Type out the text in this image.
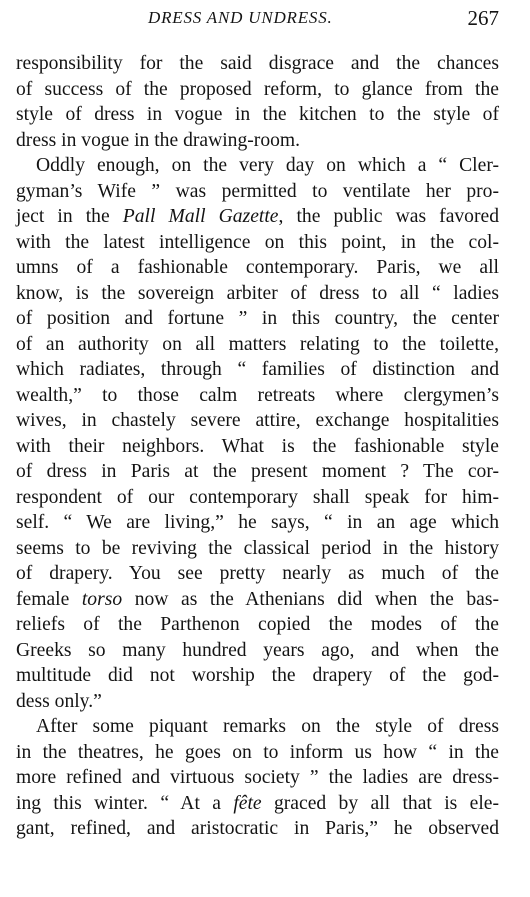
DRESS AND UNDRESS.	267
responsibility for the said disgrace and the chances
of success of the proposed reform, to glance from the
style of dress in vogue in the kitchen to the style of
dress in vogue in the drawing-room.
Oddly enough, on the very day on which a “ Cler-
gyman’s Wife ” was permitted to ventilate her pro-
ject in the Pall Mall Gazette, the public was favored
with the latest intelligence on this point, in the col-
umns of a fashionable contemporary. Paris, we all
know, is the sovereign arbiter of dress to all “ ladies
of position and fortune ” in this country, the center
of an authority on all matters relating to the toilette,
which radiates, through “ families of distinction and
wealth,” to those calm retreats where clergymen’s
wives, in chastely severe attire, exchange hospitalities
with their neighbors. What is the fashionable style
of dress in Paris at the present moment ? The cor-
respondent of our contemporary shall speak for him-
self. “ We are living,” he says, “ in an age which
seems to be reviving the classical period in the history
of drapery. You see pretty nearly as much of the
female torso now as the Athenians did when the bas-
reliefs of the Parthenon copied the modes of the
Greeks so many hundred years ago, and when the
multitude did not worship the drapery of the god-
dess only.”
After some piquant remarks on the style of dress
in the theatres, he goes on to inform us how “ in the
more refined and virtuous society ” the ladies are dress-
ing this winter. “ At a fête graced by all that is ele-
gant, refined, and aristocratic in Paris,” he observed
